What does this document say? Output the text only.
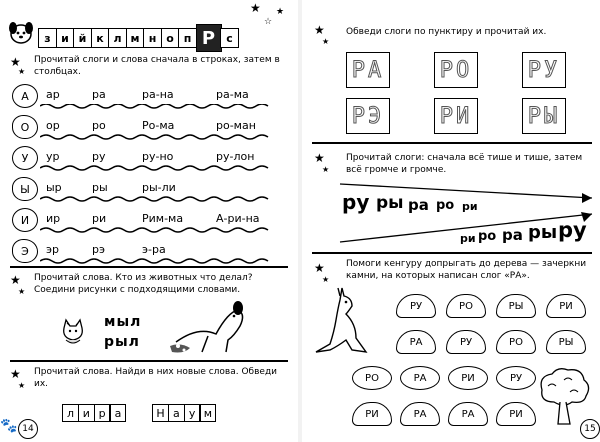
з и й к л м н о п Р	с
★
☆
★
★
★
Прочитай слоги и слова сначала в строках, затем в столбцах.
А	ар	ра	ра-на	ра-ма
О	ор	ро	Ро-ма	ро-ман
У	ур	ру	ру-но	ру-лон
Ы	ыр	ры	ры-ли
И	ир	ри	Рим-ма	А-ри-на
Э	эр	рэ	э-ра
★
★
Прочитай слова. Кто из животных что делал? Соедини рисунки с подходящими словами.
мыл
рыл
★
★
Прочитай слова. Найди в них новые слова. Обведи их.
л и р а	Н а у м
14
🐾
★
★
Обведи слоги по пунктиру и прочитай их.
РА	РО	РУ
РЭ	РИ	РЫ
★
★
Прочитай слоги: сначала всё тише и тише, затем всё громче и громче.
ру ры ра ро ри
ри ро ра ры ру
★
★
Помоги кенгуру допрыгать до дерева — зачеркни камни, на которых написан слог «РА».
РУ	РО	РЫ	РИ
РА	РУ	РО	РЫ
РО	РА	РИ	РУ
РИ	РА	РА	РИ
15
